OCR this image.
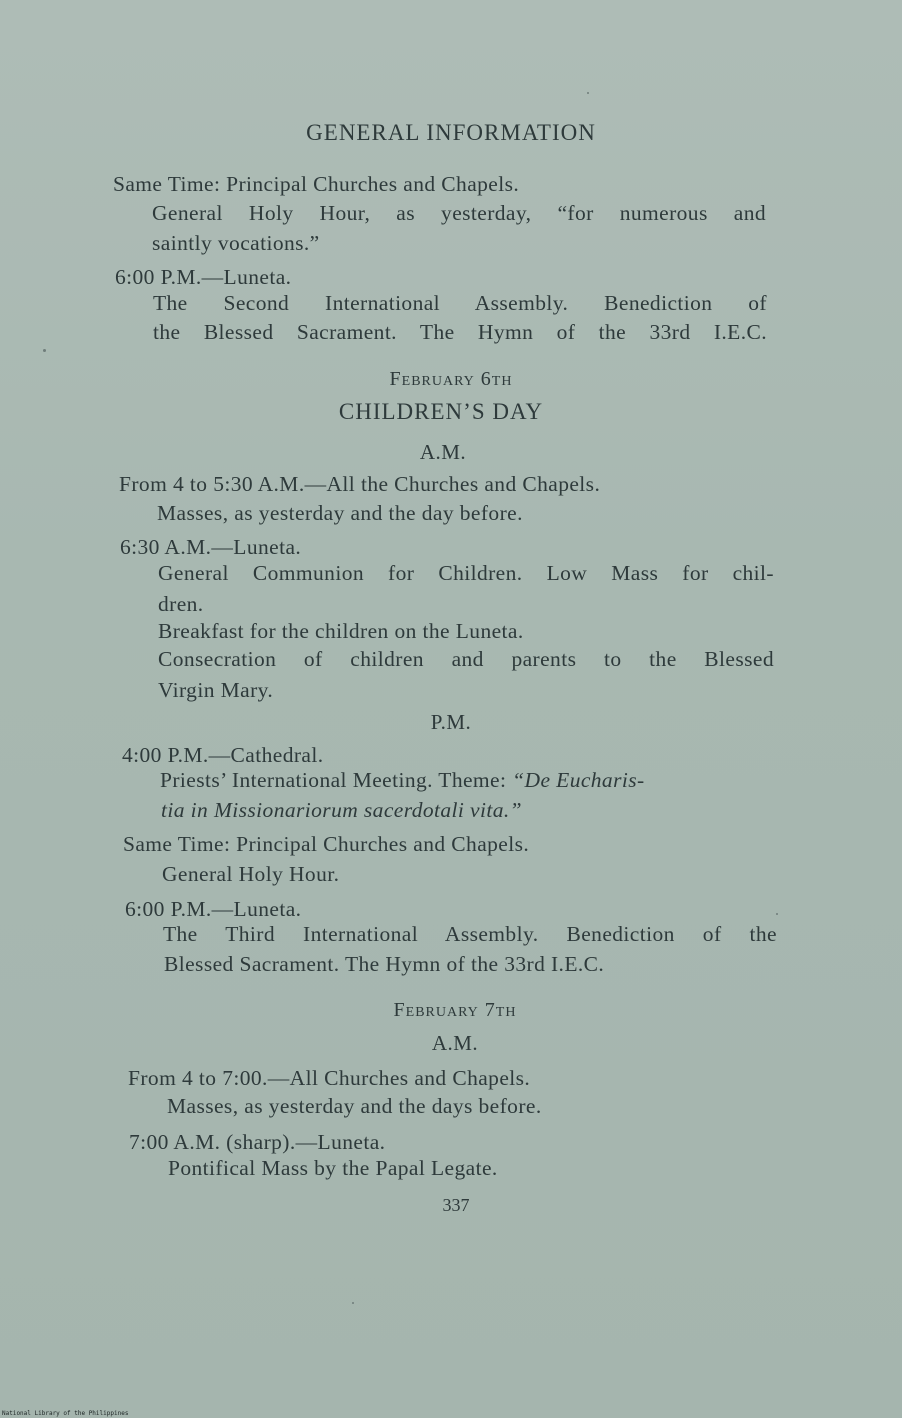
GENERAL INFORMATION
Same Time: Principal Churches and Chapels.
General Holy Hour, as yesterday, “for numerous and
saintly vocations.”
6:00 P.M.—Luneta.
The Second International Assembly. Benediction of
the Blessed Sacrament. The Hymn of the 33rd I.E.C.
February 6th
CHILDREN’S DAY
A.M.
From 4 to 5:30 A.M.—All the Churches and Chapels.
Masses, as yesterday and the day before.
6:30 A.M.—Luneta.
General Communion for Children. Low Mass for chil-
dren.
Breakfast for the children on the Luneta.
Consecration of children and parents to the Blessed
Virgin Mary.
P.M.
4:00 P.M.—Cathedral.
Priests’ International Meeting. Theme: “De Eucharis-
tia in Missionariorum sacerdotali vita.”
Same Time: Principal Churches and Chapels.
General Holy Hour.
6:00 P.M.—Luneta.
The Third International Assembly. Benediction of the
Blessed Sacrament. The Hymn of the 33rd I.E.C.
February 7th
A.M.
From 4 to 7:00.—All Churches and Chapels.
Masses, as yesterday and the days before.
7:00 A.M. (sharp).—Luneta.
Pontifical Mass by the Papal Legate.
337
National Library of the Philippines
